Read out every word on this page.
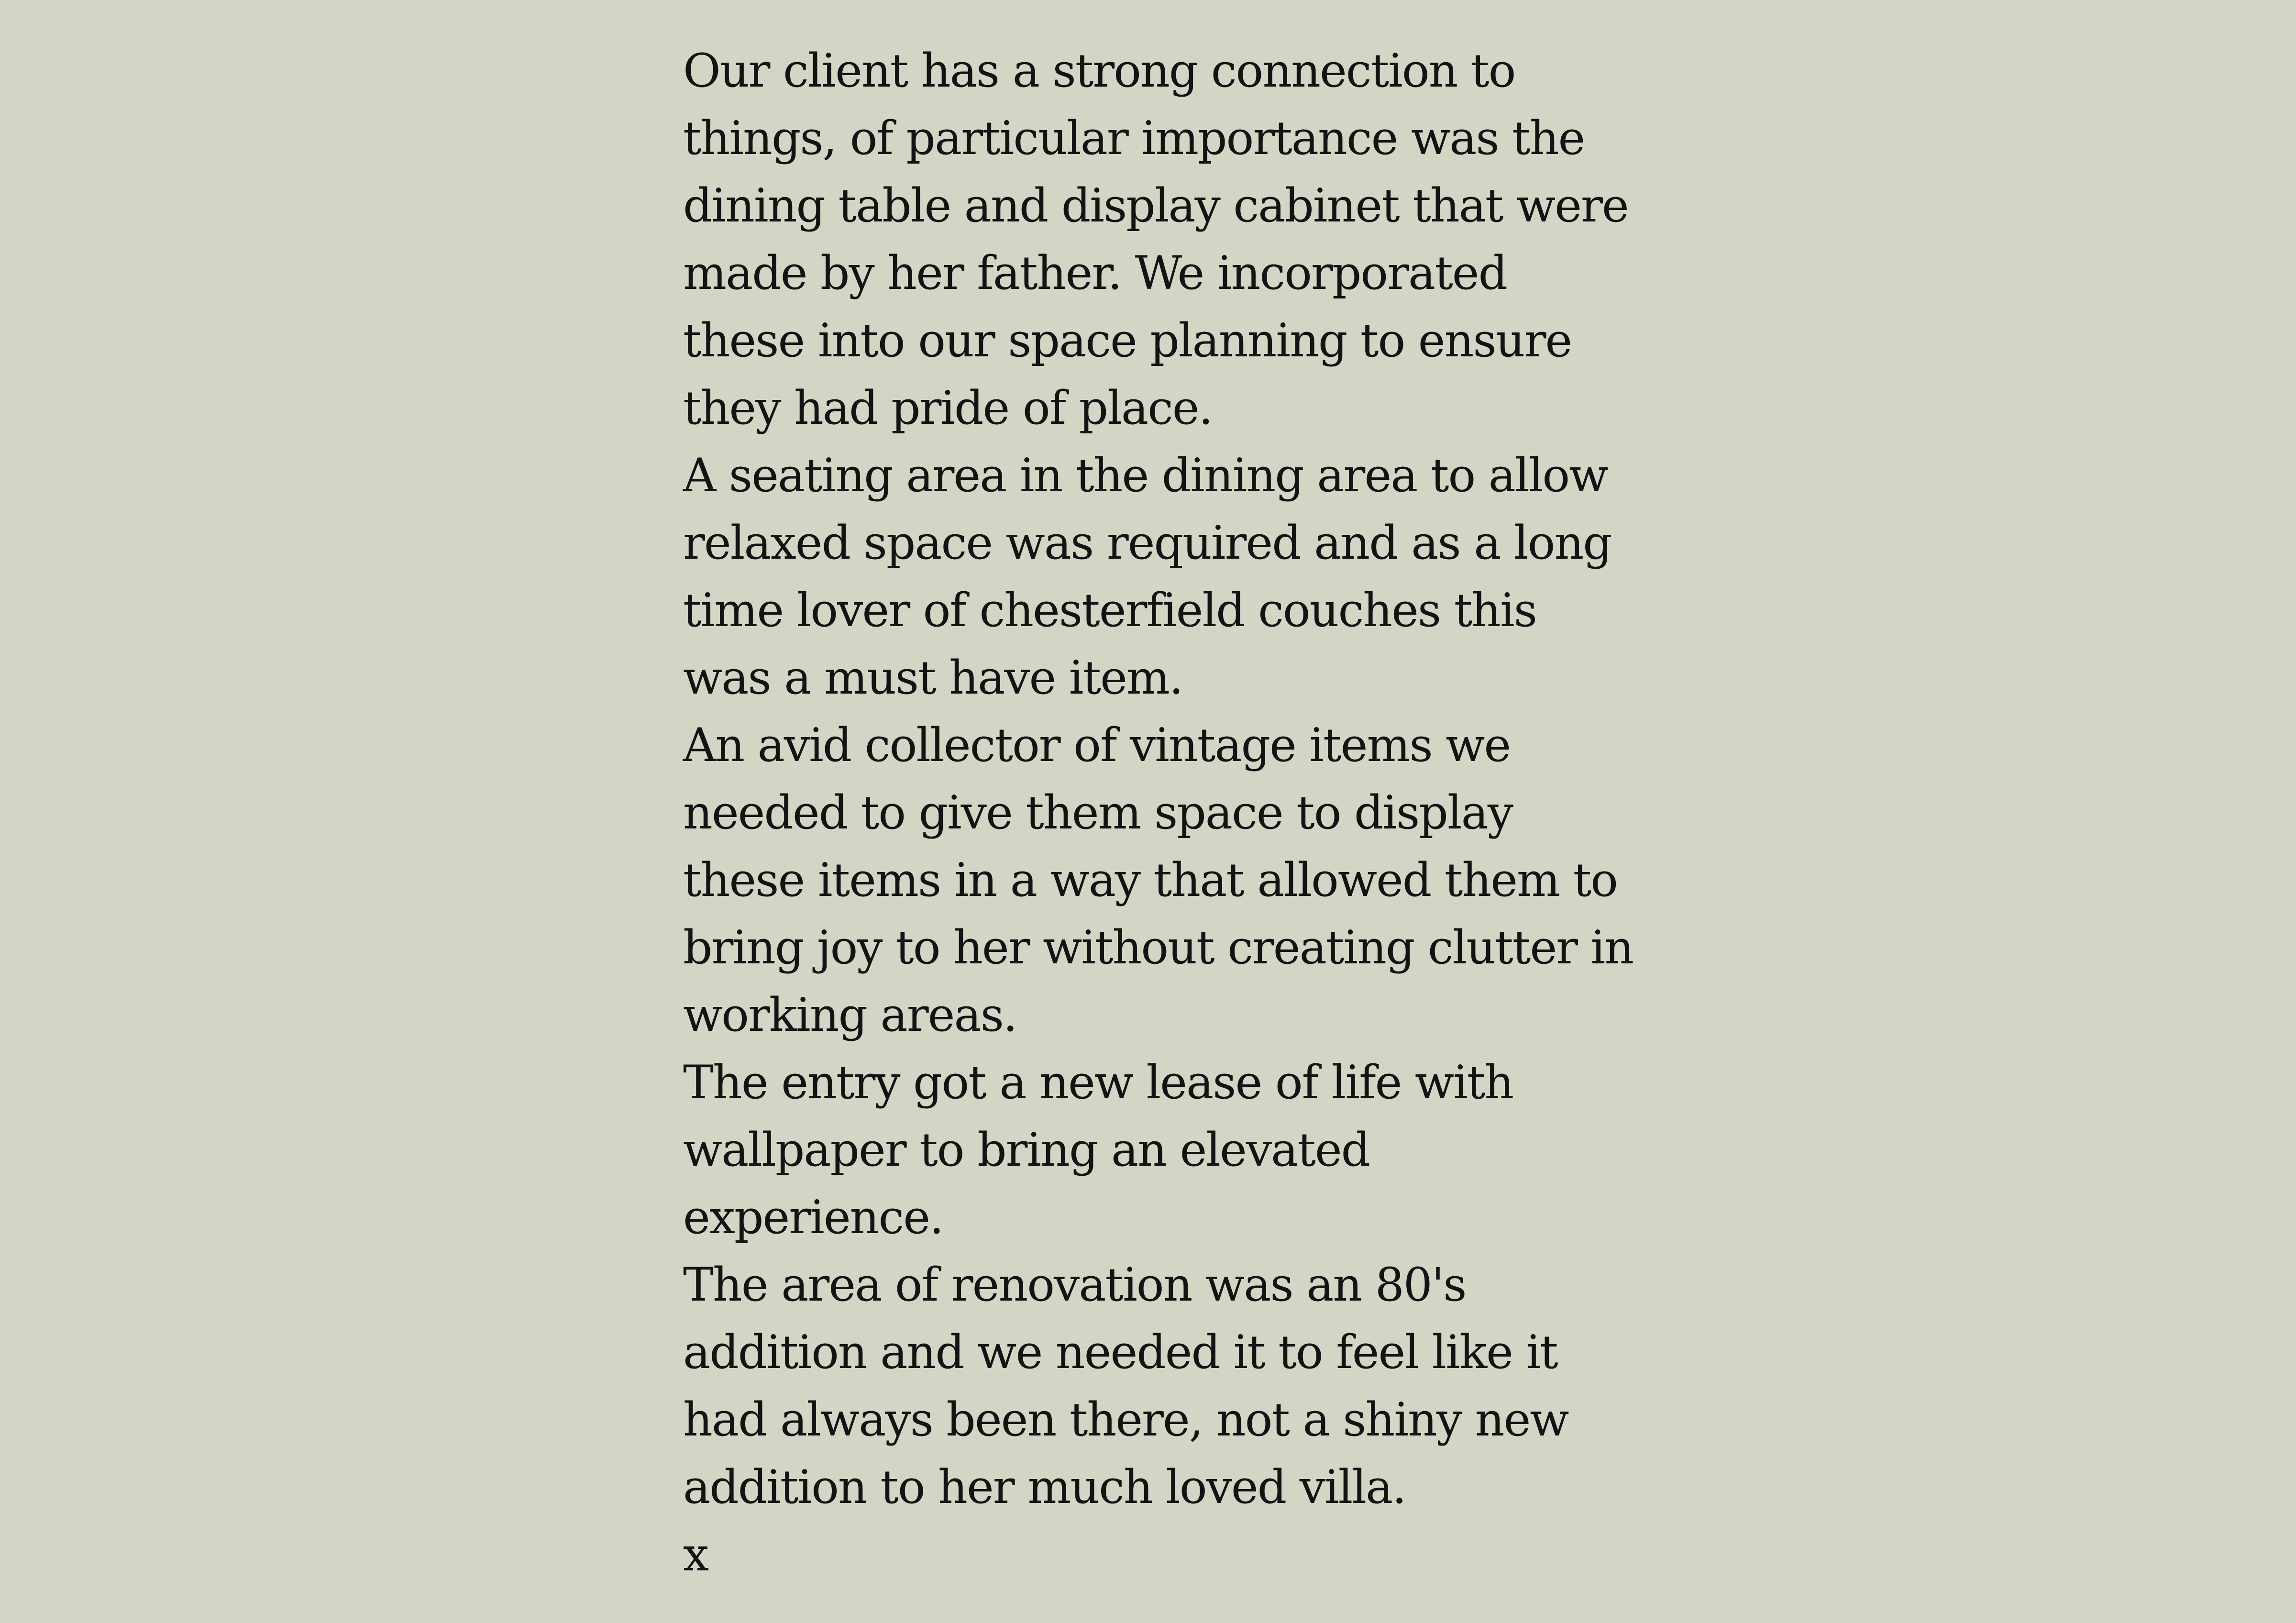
Our client has a strong connection to
things, of particular importance was the
dining table and display cabinet that were
made by her father. We incorporated
these into our space planning to ensure
they had pride of place.

A seating area in the dining area to allow
relaxed space was required and as a long
time lover of chesterfield couches this
was a must have item.

An avid collector of vintage items we
needed to give them space to display
these items in a way that allowed them to
bring joy to her without creating clutter in
working areas.

The entry got a new lease of life with
wallpaper to bring an elevated
experience.

The area of renovation was an 80's
addition and we needed it to feel like it
had always been there, not a shiny new
addition to her much loved villa.

x
